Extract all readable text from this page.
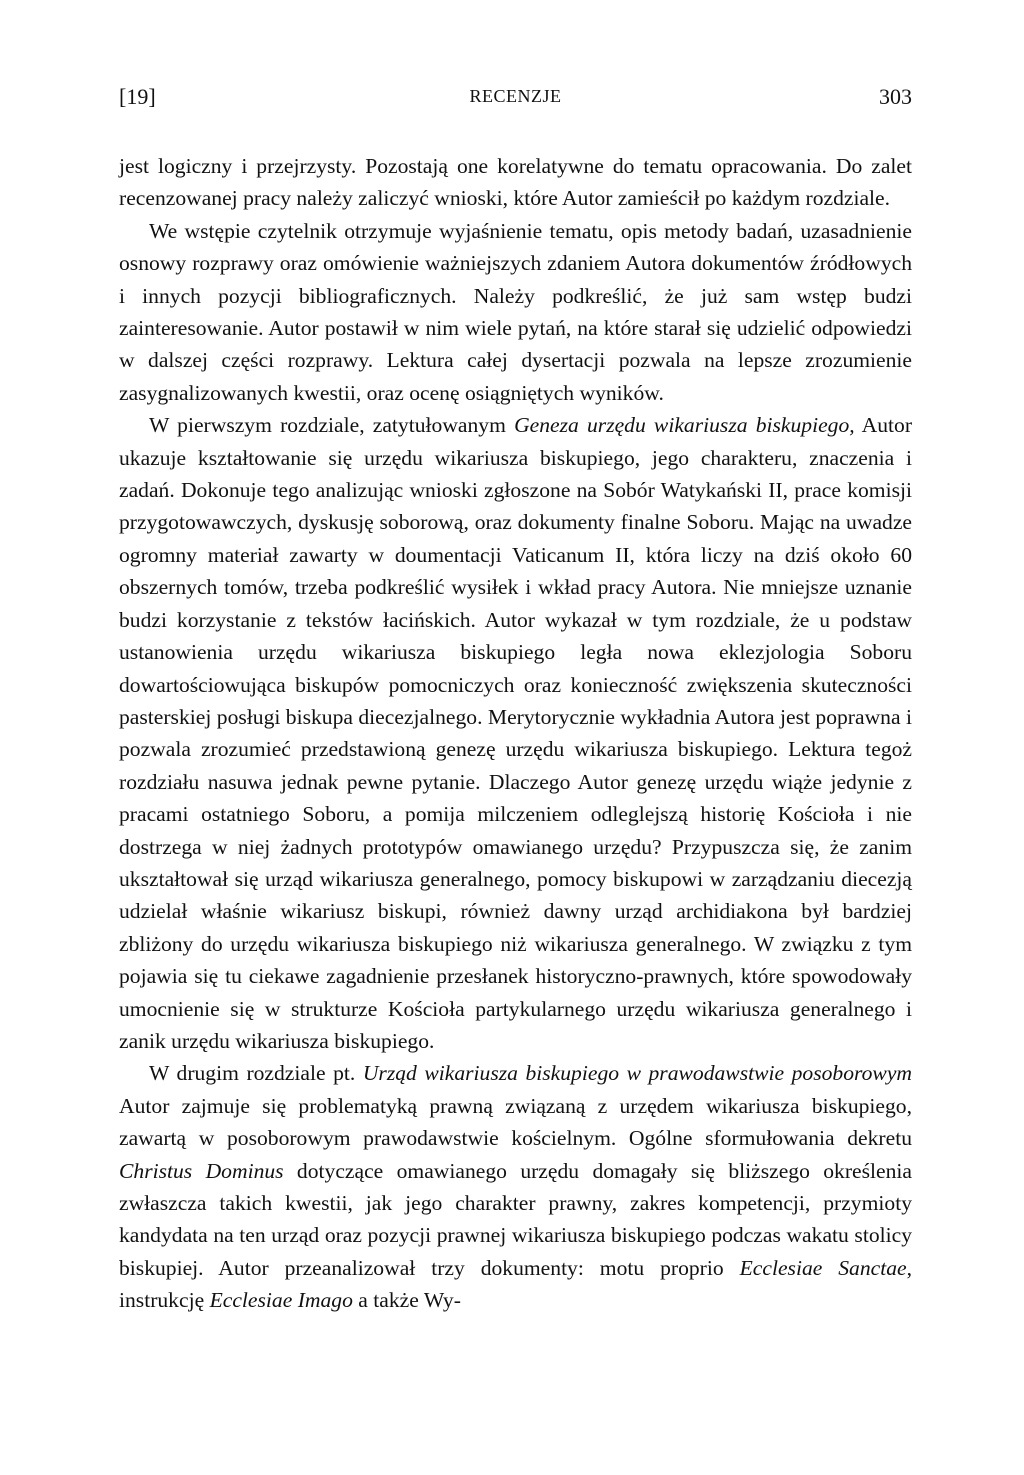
[19]	RECENZJE	303

jest logiczny i przejrzysty. Pozostają one korelatywne do tematu opracowania. Do zalet recenzowanej pracy należy zaliczyć wnioski, które Autor zamieścił po każdym rozdziale.

We wstępie czytelnik otrzymuje wyjaśnienie tematu, opis metody badań, uzasadnienie osnowy rozprawy oraz omówienie ważniejszych zdaniem Autora dokumentów źródłowych i innych pozycji bibliograficznych. Należy podkreślić, że już sam wstęp budzi zainteresowanie. Autor postawił w nim wiele pytań, na które starał się udzielić odpowiedzi w dalszej części rozprawy. Lektura całej dysertacji pozwala na lepsze zrozumienie zasygnalizowanych kwestii, oraz ocenę osiągniętych wyników.

W pierwszym rozdziale, zatytułowanym Geneza urzędu wikariusza biskupiego, Autor ukazuje kształtowanie się urzędu wikariusza biskupiego, jego charakteru, znaczenia i zadań. Dokonuje tego analizując wnioski zgłoszone na Sobór Watykański II, prace komisji przygotowawczych, dyskusję soborową, oraz dokumenty finalne Soboru. Mając na uwadze ogromny materiał zawarty w doumentacji Vaticanum II, która liczy na dziś około 60 obszernych tomów, trzeba podkreślić wysiłek i wkład pracy Autora. Nie mniejsze uznanie budzi korzystanie z tekstów łacińskich. Autor wykazał w tym rozdziale, że u podstaw ustanowienia urzędu wikariusza biskupiego legła nowa eklezjologia Soboru dowartościowująca biskupów pomocniczych oraz konieczność zwiększenia skuteczności pasterskiej posługi biskupa diecezjalnego. Merytorycznie wykładnia Autora jest poprawna i pozwala zrozumieć przedstawioną genezę urzędu wikariusza biskupiego. Lektura tegoż rozdziału nasuwa jednak pewne pytanie. Dlaczego Autor genezę urzędu wiąże jedynie z pracami ostatniego Soboru, a pomija milczeniem odleglejszą historię Kościoła i nie dostrzega w niej żadnych prototypów omawianego urzędu? Przypuszcza się, że zanim ukształtował się urząd wikariusza generalnego, pomocy biskupowi w zarządzaniu diecezją udzielał właśnie wikariusz biskupi, również dawny urząd archidiakona był bardziej zbliżony do urzędu wikariusza biskupiego niż wikariusza generalnego. W związku z tym pojawia się tu ciekawe zagadnienie przesłanek historyczno-prawnych, które spowodowały umocnienie się w strukturze Kościoła partykularnego urzędu wikariusza generalnego i zanik urzędu wikariusza biskupiego.

W drugim rozdziale pt. Urząd wikariusza biskupiego w prawodawstwie posoborowym Autor zajmuje się problematyką prawną związaną z urzędem wikariusza biskupiego, zawartą w posoborowym prawodawstwie kościelnym. Ogólne sformułowania dekretu Christus Dominus dotyczące omawianego urzędu domagały się bliższego określenia zwłaszcza takich kwestii, jak jego charakter prawny, zakres kompetencji, przymioty kandydata na ten urząd oraz pozycji prawnej wikariusza biskupiego podczas wakatu stolicy biskupiej. Autor przeanalizował trzy dokumenty: motu proprio Ecclesiae Sanctae, instrukcję Ecclesiae Imago a także Wy-
